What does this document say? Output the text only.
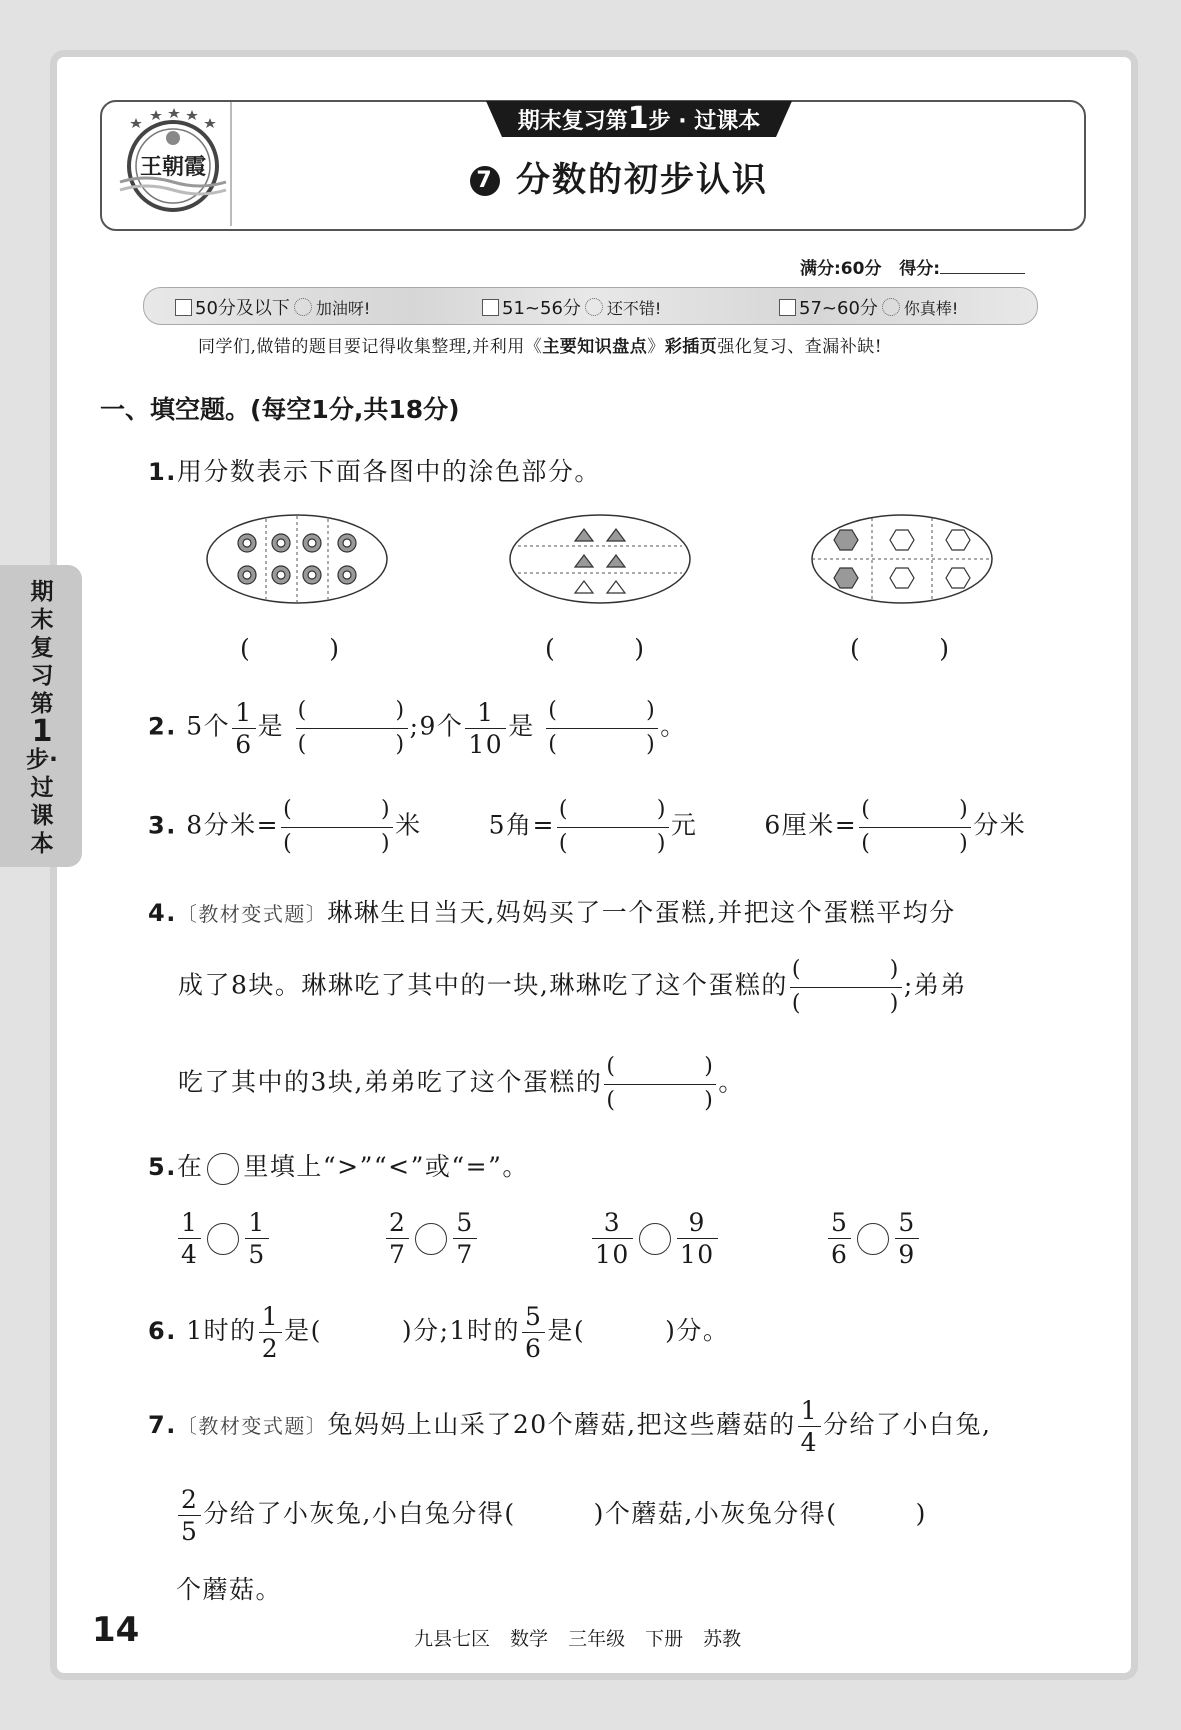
王朝霞
期末复习第1步 · 过课本
7 分数的初步认识
满分:60分 得分:
50分及以下 加油呀!	51~56分 还不错!	57~60分 你真棒!
同学们,做错的题目要记得收集整理,并利用《主要知识盘点》彩插页强化复习、查漏补缺!
期
末
复
习
第
1
步·
过
课
本
一、填空题。(每空1分,共18分)
1.用分数表示下面各图中的涂色部分。
(          )	(          )	(          )
2. 5个 $\frac{1}{6}$ 是 (	)
(	) ;9个 $\frac{1}{10}$ 是 (	)
(	) 。
3. 8分米= (	)
(	) 米	5角= (	)
(	) 元	6厘米= (	)
(	) 分米
4.〔教材变式题〕琳琳生日当天,妈妈买了一个蛋糕,并把这个蛋糕平均分
成了8块。琳琳吃了其中的一块,琳琳吃了这个蛋糕的 (	)
(	) ;弟弟
吃了其中的3块,弟弟吃了这个蛋糕的 (	)
(	) 。
5.在 里填上“>”“<”或“=”。
$\frac{1}{4} \frac{1}{5}$	$\frac{2}{7} \frac{5}{7}$	$\frac{3}{10} \frac{9}{10}$	$\frac{5}{6} \frac{5}{9}$
6. 1时的 $\frac{1}{2}$ 是(	)分;1时的 $\frac{5}{6}$ 是(	)分。
7.〔教材变式题〕兔妈妈上山采了20个蘑菇,把这些蘑菇的 $\frac{1}{4}$ 分给了小白兔,
$\frac{2}{5}$ 分给了小灰兔,小白兔分得(	)个蘑菇,小灰兔分得(	)
个蘑菇。
14	九县七区 数学 三年级 下册 苏教
